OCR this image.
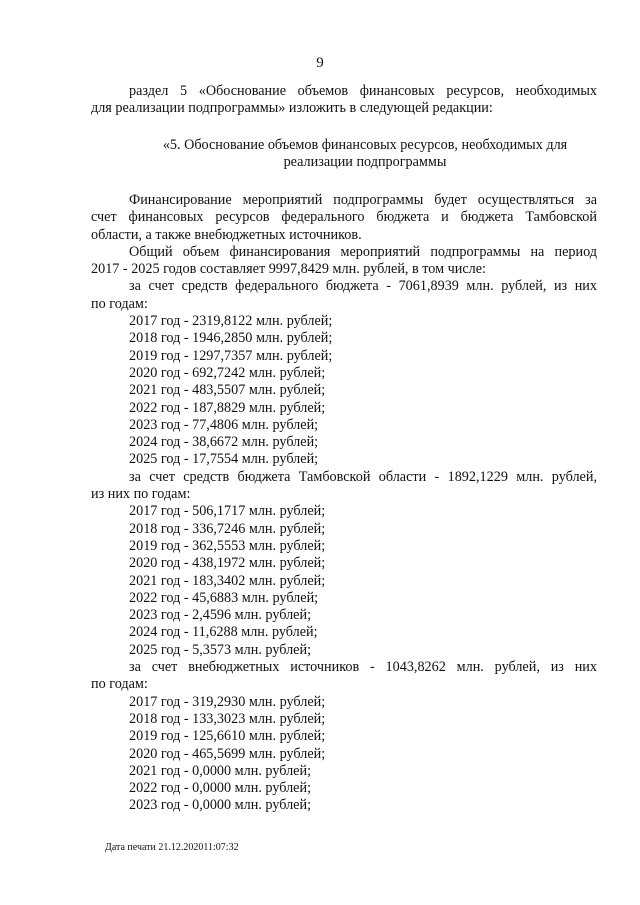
9
раздел 5 «Обоснование объемов финансовых ресурсов, необходимых
для реализации подпрограммы» изложить в следующей редакции:
«5. Обоснование объемов финансовых ресурсов, необходимых для
реализации подпрограммы
Финансирование мероприятий подпрограммы будет осуществляться за
счет финансовых ресурсов федерального бюджета и бюджета Тамбовской
области, а также внебюджетных источников.
Общий объем финансирования мероприятий подпрограммы на период
2017 - 2025 годов составляет 9997,8429 млн. рублей, в том числе:
за счет средств федерального бюджета - 7061,8939 млн. рублей, из них
по годам:
2017 год - 2319,8122 млн. рублей;
2018 год - 1946,2850 млн. рублей;
2019 год - 1297,7357 млн. рублей;
2020 год - 692,7242 млн. рублей;
2021 год - 483,5507 млн. рублей;
2022 год - 187,8829 млн. рублей;
2023 год - 77,4806 млн. рублей;
2024 год - 38,6672 млн. рублей;
2025 год - 17,7554 млн. рублей;
за счет средств бюджета Тамбовской области - 1892,1229 млн. рублей,
из них по годам:
2017 год - 506,1717 млн. рублей;
2018 год - 336,7246 млн. рублей;
2019 год - 362,5553 млн. рублей;
2020 год - 438,1972 млн. рублей;
2021 год - 183,3402 млн. рублей;
2022 год - 45,6883 млн. рублей;
2023 год - 2,4596 млн. рублей;
2024 год - 11,6288 млн. рублей;
2025 год - 5,3573 млн. рублей;
за счет внебюджетных источников - 1043,8262 млн. рублей, из них
по годам:
2017 год - 319,2930 млн. рублей;
2018 год - 133,3023 млн. рублей;
2019 год - 125,6610 млн. рублей;
2020 год - 465,5699 млн. рублей;
2021 год - 0,0000 млн. рублей;
2022 год - 0,0000 млн. рублей;
2023 год - 0,0000 млн. рублей;
Дата печати 21.12.202011:07:32
